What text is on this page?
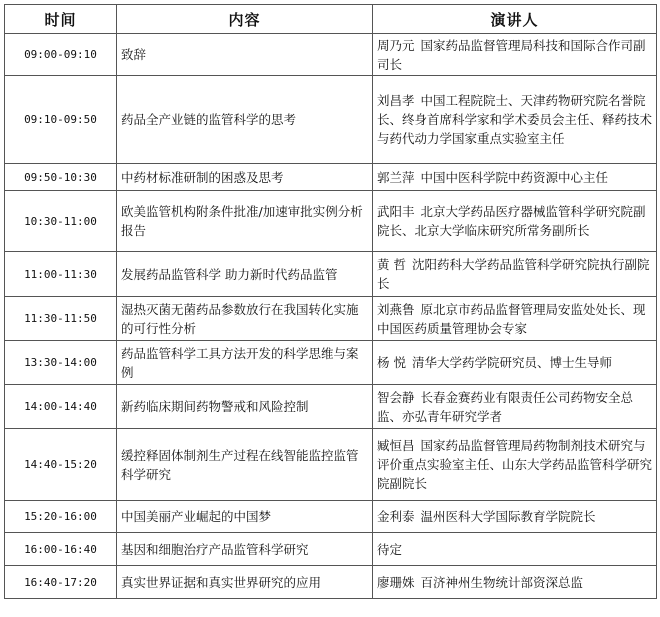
时间	内容	演讲人
09:00-09:10	致辞	周乃元 国家药品监督管理局科技和国际合作司副司长
09:10-09:50	药品全产业链的监管科学的思考	刘昌孝 中国工程院院士、天津药物研究院名誉院长、终身首席科学家和学术委员会主任、释药技术与药代动力学国家重点实验室主任
09:50-10:30	中药材标准研制的困惑及思考	郭兰萍 中国中医科学院中药资源中心主任
10:30-11:00	欧美监管机构附条件批准/加速审批实例分析报告	武阳丰 北京大学药品医疗器械监管科学研究院副院长、北京大学临床研究所常务副所长
11:00-11:30	发展药品监管科学 助力新时代药品监管	黄 哲 沈阳药科大学药品监管科学研究院执行副院长
11:30-11:50	湿热灭菌无菌药品参数放行在我国转化实施的可行性分析	刘燕鲁 原北京市药品监督管理局安监处处长、现中国医药质量管理协会专家
13:30-14:00	药品监管科学工具方法开发的科学思维与案例	杨 悦 清华大学药学院研究员、博士生导师
14:00-14:40	新药临床期间药物警戒和风险控制	智会静 长春金赛药业有限责任公司药物安全总监、亦弘青年研究学者
14:40-15:20	缓控释固体制剂生产过程在线智能监控监管科学研究	臧恒昌 国家药品监督管理局药物制剂技术研究与评价重点实验室主任、山东大学药品监管科学研究院副院长
15:20-16:00	中国美丽产业崛起的中国梦	金利泰 温州医科大学国际教育学院院长
16:00-16:40	基因和细胞治疗产品监管科学研究	待定
16:40-17:20	真实世界证据和真实世界研究的应用	廖珊姝 百济神州生物统计部资深总监
